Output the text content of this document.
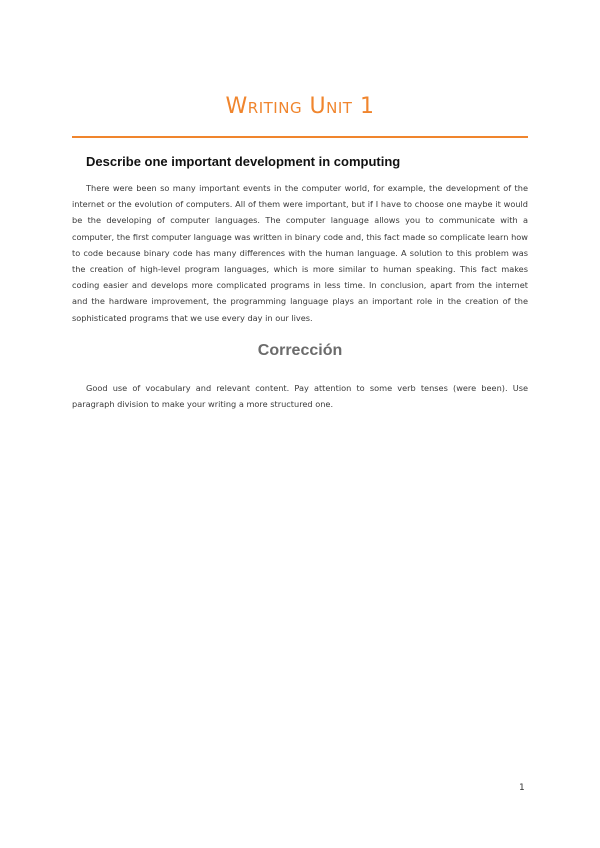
Writing Unit 1
Describe one important development in computing

There were been so many important events in the computer world, for example, the development of the internet or the evolution of computers. All of them were important, but if I have to choose one maybe it would be the developing of computer languages. The computer language allows you to communicate with a computer, the first computer language was written in binary code and, this fact made so complicate learn how to code because binary code has many differences with the human language. A solution to this problem was the creation of high-level program languages, which is more similar to human speaking. This fact makes coding easier and develops more complicated programs in less time. In conclusion, apart from the internet and the hardware improvement, the programming language plays an important role in the creation of the sophisticated programs that we use every day in our lives.

Corrección

Good use of vocabulary and relevant content. Pay attention to some verb tenses (were been). Use paragraph division to make your writing a more structured one.

1
